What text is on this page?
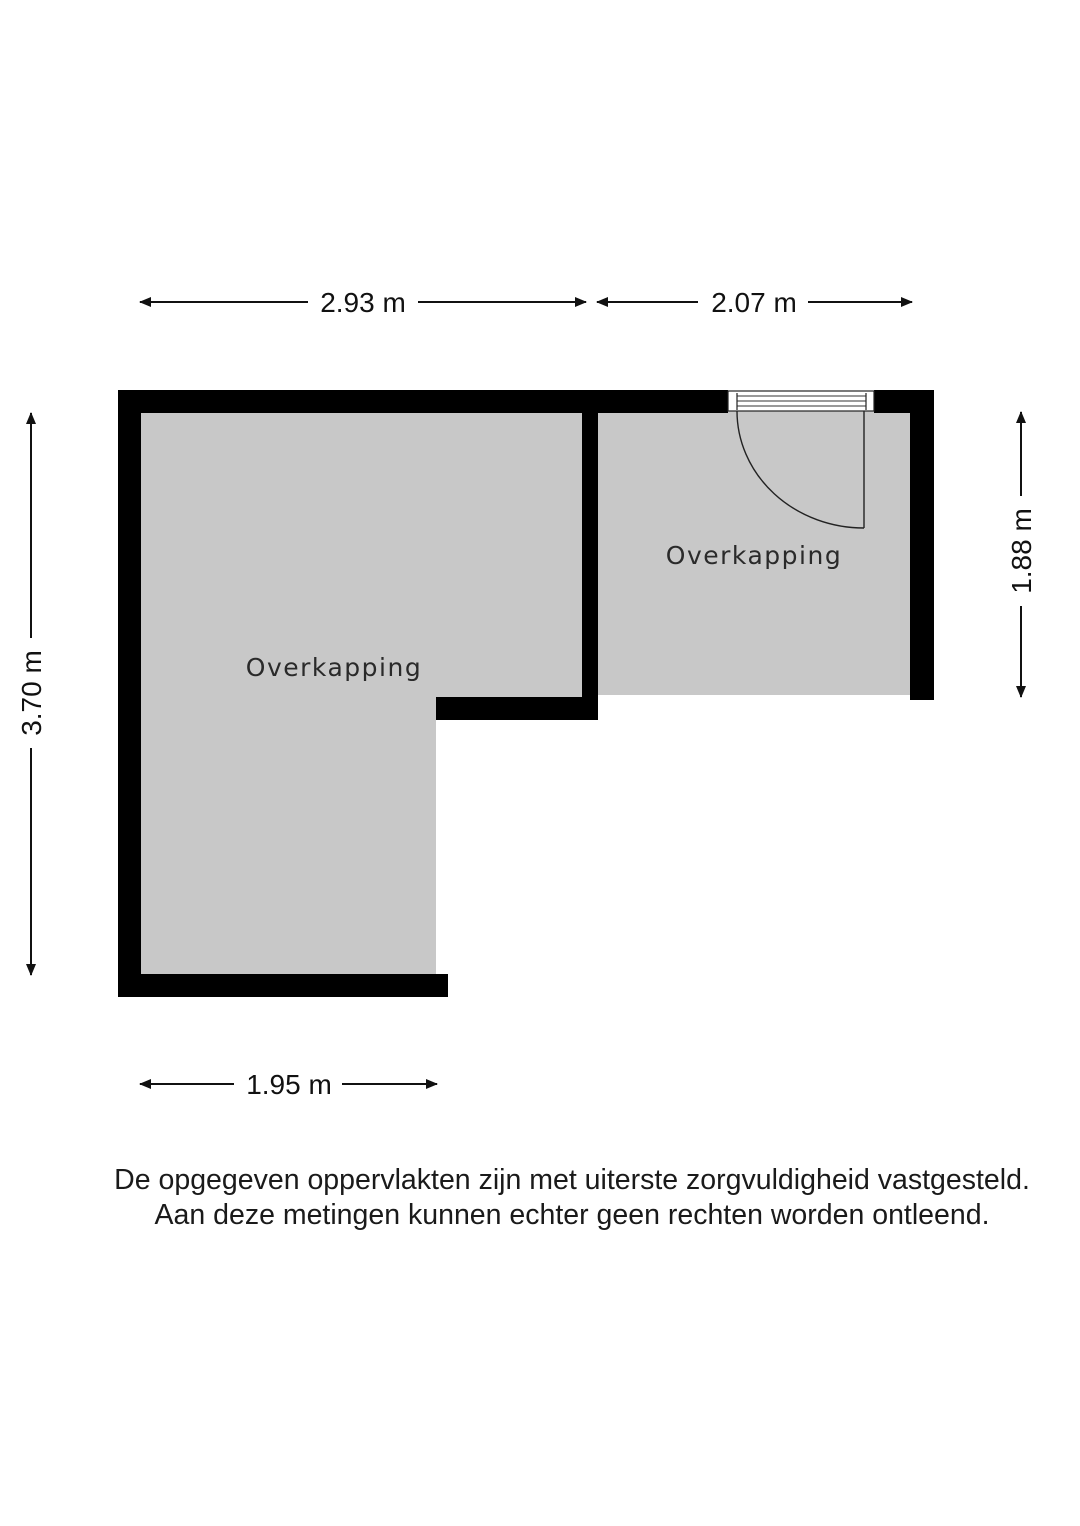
Overkapping
Overkapping
2.93 m	2.07 m
3.70 m
1.88 m
1.95 m
De opgegeven oppervlakten zijn met uiterste zorgvuldigheid vastgesteld.
Aan deze metingen kunnen echter geen rechten worden ontleend.
